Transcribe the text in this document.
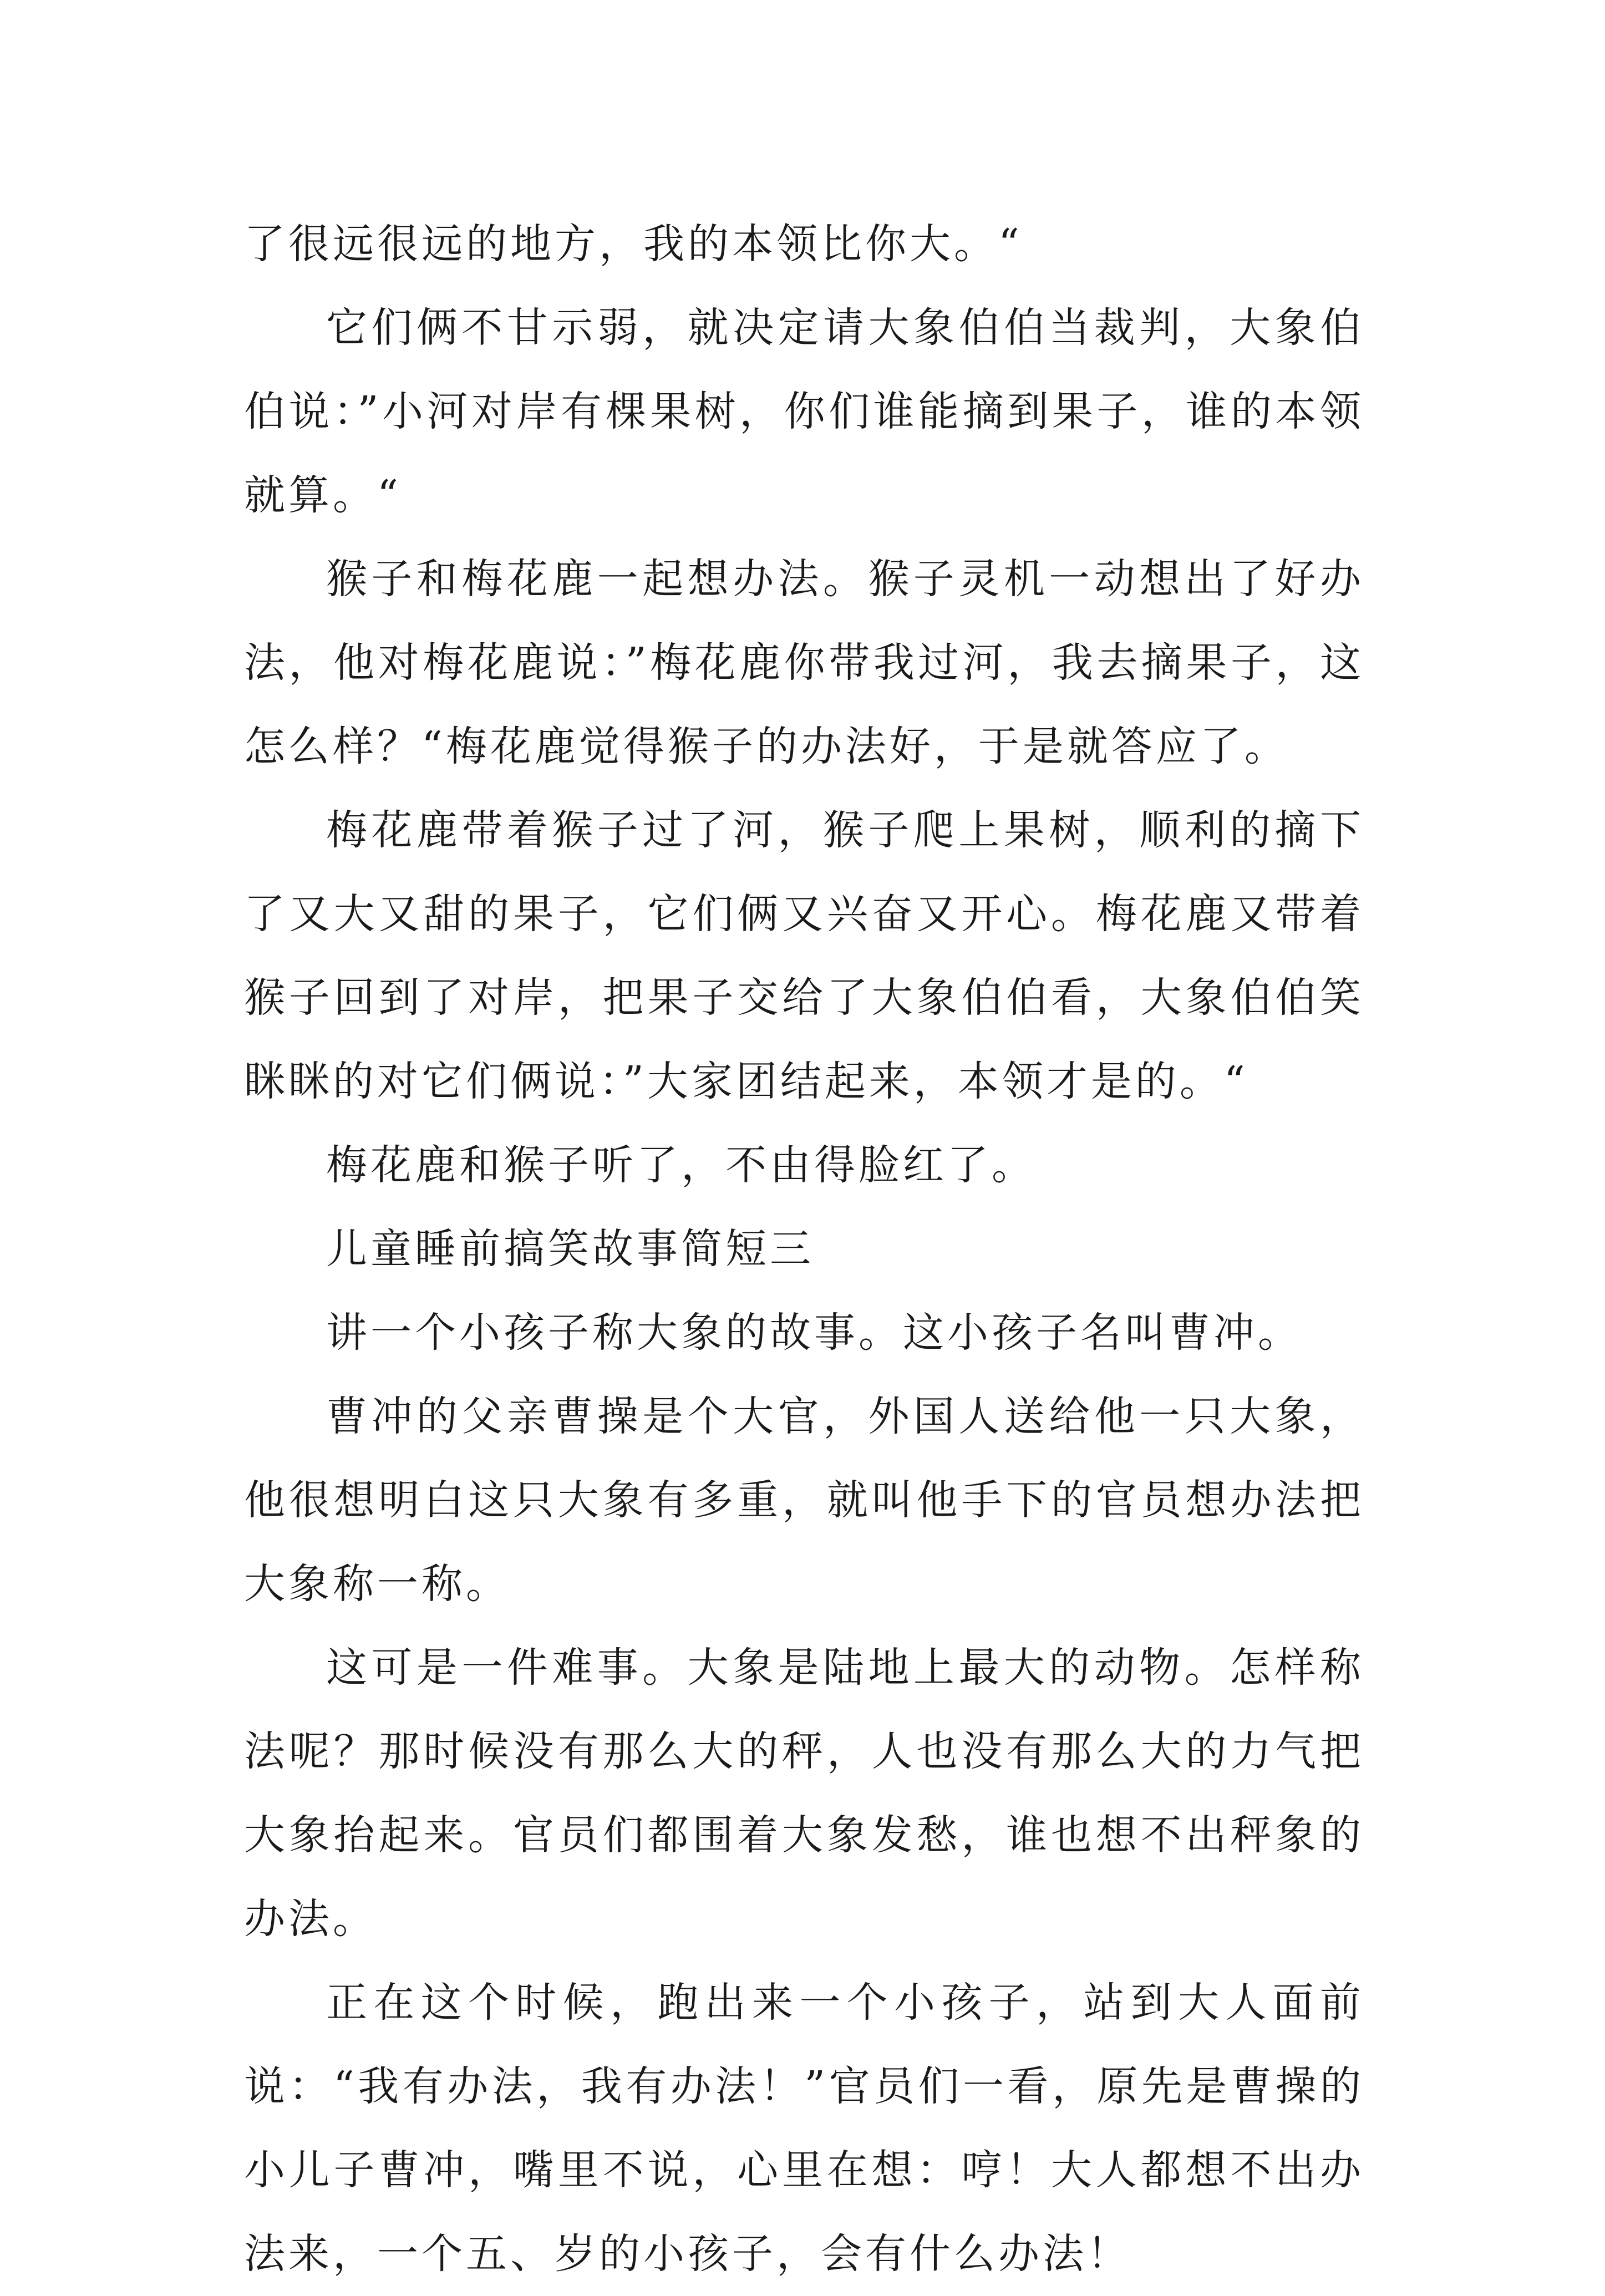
了很远很远的地方，我的本领比你大。“

它们俩不甘示弱，就决定请大象伯伯当裁判，大象伯伯说：”小河对岸有棵果树，你们谁能摘到果子，谁的本领就算。“

猴子和梅花鹿一起想办法。猴子灵机一动想出了好办法，他对梅花鹿说：”梅花鹿你带我过河，我去摘果子，这怎么样？“梅花鹿觉得猴子的办法好，于是就答应了。

梅花鹿带着猴子过了河，猴子爬上果树，顺利的摘下了又大又甜的果子，它们俩又兴奋又开心。梅花鹿又带着猴子回到了对岸，把果子交给了大象伯伯看，大象伯伯笑眯眯的对它们俩说：”大家团结起来，本领才是的。“

梅花鹿和猴子听了，不由得脸红了。

儿童睡前搞笑故事简短三

讲一个小孩子称大象的故事。这小孩子名叫曹冲。

曹冲的父亲曹操是个大官，外国人送给他一只大象，他很想明白这只大象有多重，就叫他手下的官员想办法把大象称一称。

这可是一件难事。大象是陆地上最大的动物。怎样称法呢？那时候没有那么大的秤，人也没有那么大的力气把大象抬起来。官员们都围着大象发愁，谁也想不出秤象的办法。

正在这个时候，跑出来一个小孩子，站到大人面前说：“我有办法，我有办法！”官员们一看，原先是曹操的小儿子曹冲，嘴里不说，心里在想：哼！大人都想不出办法来，一个五、岁的小孩子，会有什么办法！
